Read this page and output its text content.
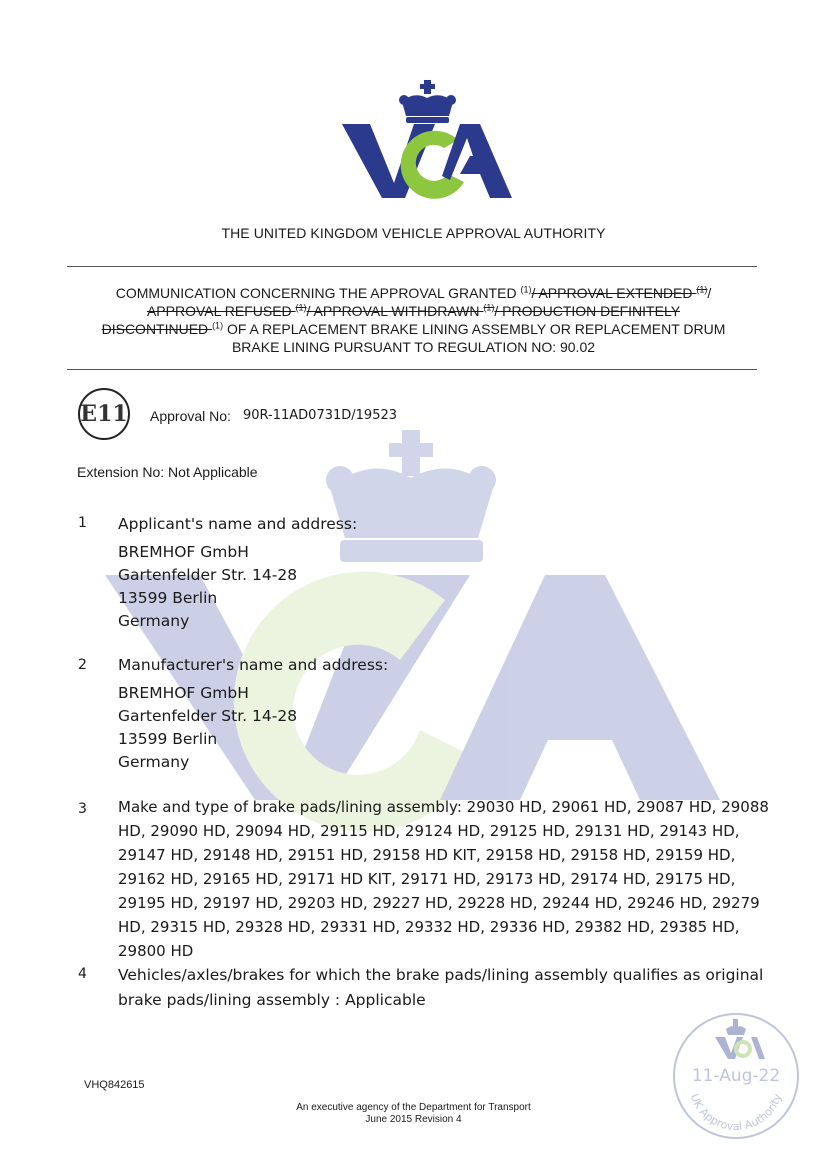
THE UNITED KINGDOM VEHICLE APPROVAL AUTHORITY
COMMUNICATION CONCERNING THE APPROVAL GRANTED $^{(1)}$/ APPROVAL EXTENDED $^{(1)}$/
APPROVAL REFUSED $^{(1)}$/ APPROVAL WITHDRAWN $^{(1)}$/ PRODUCTION DEFINITELY
DISCONTINUED $^{(1)}$ OF A REPLACEMENT BRAKE LINING ASSEMBLY OR REPLACEMENT DRUM
BRAKE LINING PURSUANT TO REGULATION NO: 90.02
E11 Approval No: 90R-11AD0731D/19523
Extension No: Not Applicable
1 Applicant's name and address:
BREMHOF GmbH
Gartenfelder Str. 14-28
13599 Berlin
Germany
2 Manufacturer's name and address:
BREMHOF GmbH
Gartenfelder Str. 14-28
13599 Berlin
Germany
3 Make and type of brake pads/lining assembly: 29030 HD, 29061 HD, 29087 HD, 29088 HD, 29090 HD, 29094 HD, 29115 HD, 29124 HD, 29125 HD, 29131 HD, 29143 HD, 29147 HD, 29148 HD, 29151 HD, 29158 HD KIT, 29158 HD, 29158 HD, 29159 HD, 29162 HD, 29165 HD, 29171 HD KIT, 29171 HD, 29173 HD, 29174 HD, 29175 HD, 29195 HD, 29197 HD, 29203 HD, 29227 HD, 29228 HD, 29244 HD, 29246 HD, 29279 HD, 29315 HD, 29328 HD, 29331 HD, 29332 HD, 29336 HD, 29382 HD, 29385 HD, 29800 HD
4 Vehicles/axles/brakes for which the brake pads/lining assembly qualifies as original brake pads/lining assembly : Applicable
VHQ842615
An executive agency of the Department for Transport
June 2015 Revision 4
11-Aug-22
UK Approval Authority
